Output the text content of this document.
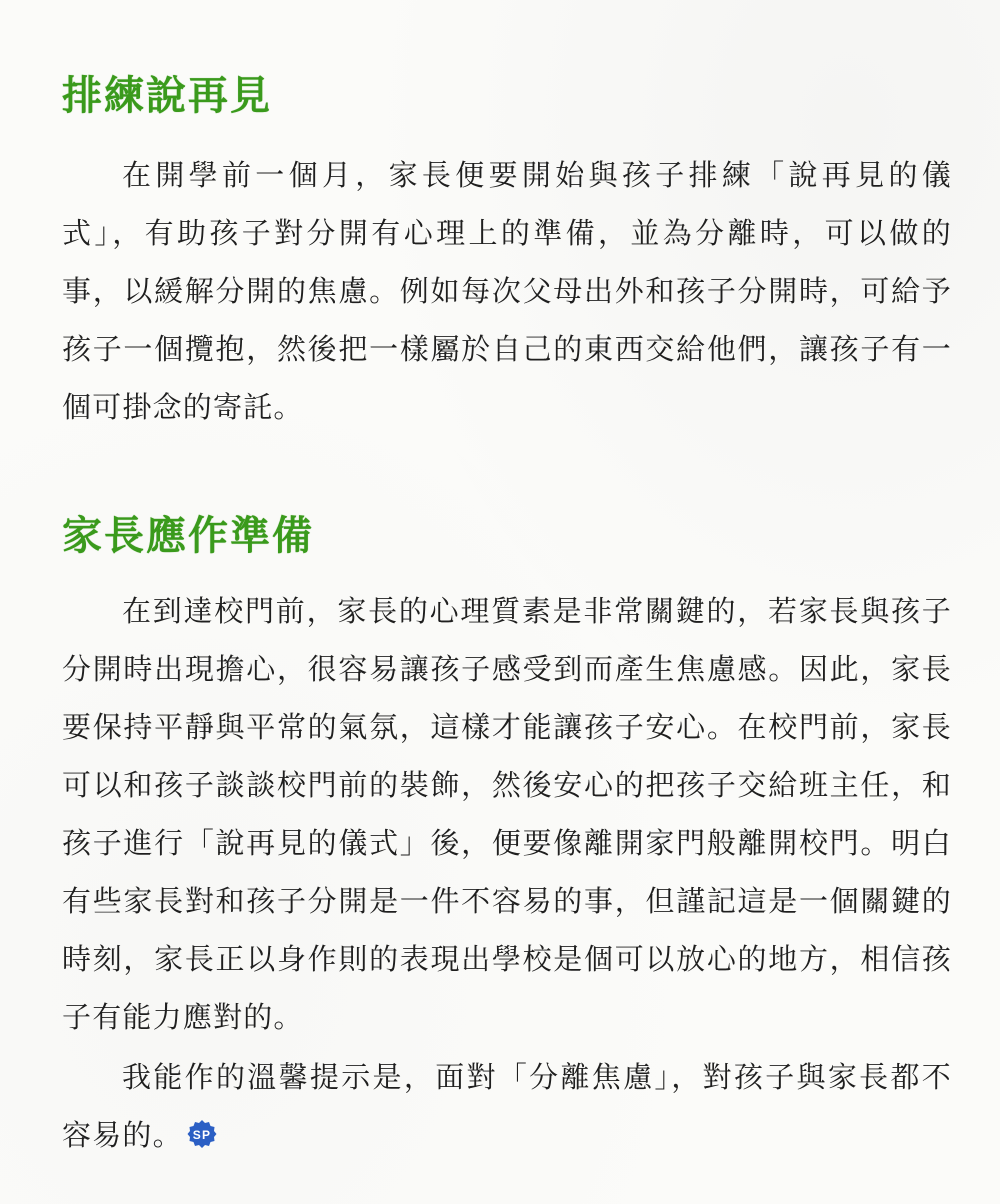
排練說再見

在開學前一個月，家長便要開始與孩子排練「說再見的儀式」，有助孩子對分開有心理上的準備，並為分離時，可以做的事，以緩解分開的焦慮。例如每次父母出外和孩子分開時，可給予孩子一個攬抱，然後把一樣屬於自己的東西交給他們，讓孩子有一個可掛念的寄託。

家長應作準備

在到達校門前，家長的心理質素是非常關鍵的，若家長與孩子分開時出現擔心，很容易讓孩子感受到而產生焦慮感。因此，家長要保持平靜與平常的氣氛，這樣才能讓孩子安心。在校門前，家長可以和孩子談談校門前的裝飾，然後安心的把孩子交給班主任，和孩子進行「說再見的儀式」後，便要像離開家門般離開校門。明白有些家長對和孩子分開是一件不容易的事，但謹記這是一個關鍵的時刻，家長正以身作則的表現出學校是個可以放心的地方，相信孩子有能力應對的。

我能作的溫馨提示是，面對「分離焦慮」，對孩子與家長都不容易的。 SP
